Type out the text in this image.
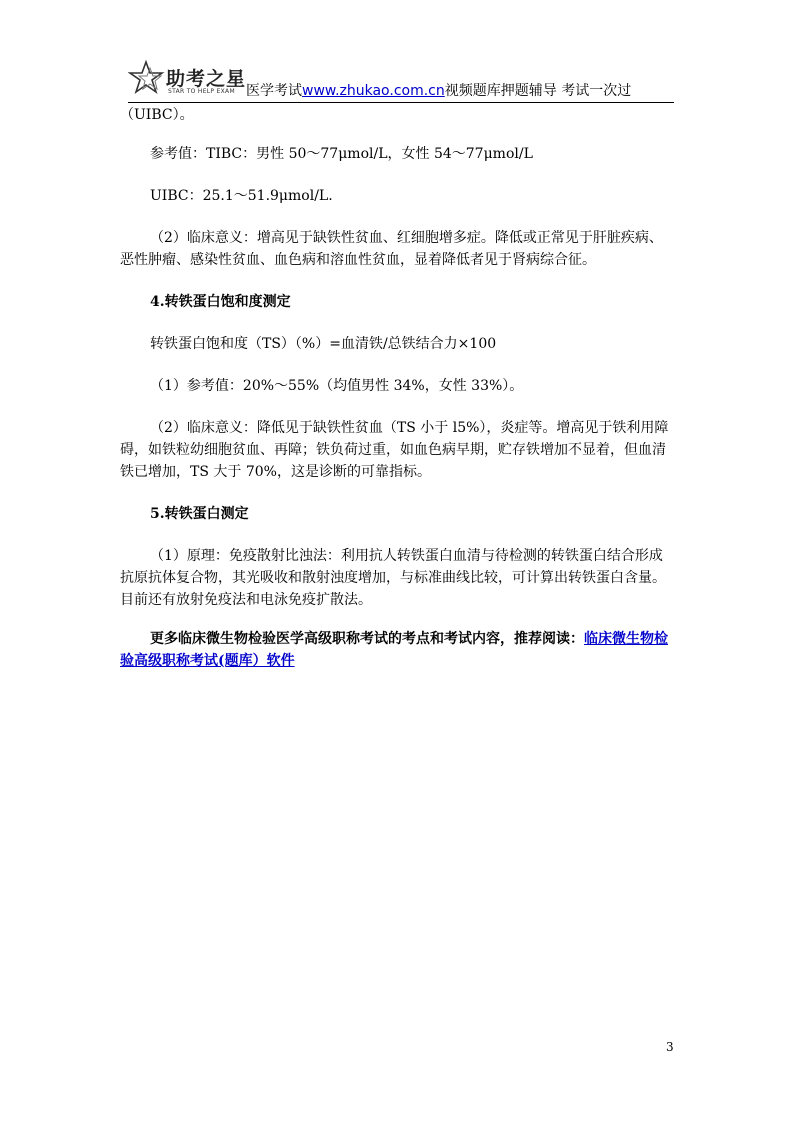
助考之星
STAR TO HELP EXAM 医学考试www.zhukao.com.cn视频题库押题辅导 考试一次过

（UIBC）。

参考值：TIBC：男性 50～77μmol/L，女性 54～77μmol/L

UIBC：25.1～51.9μmol/L.

（2）临床意义：增高见于缺铁性贫血、红细胞增多症。降低或正常见于肝脏疾病、恶性肿瘤、感染性贫血、血色病和溶血性贫血，显着降低者见于肾病综合征。

4.转铁蛋白饱和度测定

转铁蛋白饱和度（TS）（%）=血清铁/总铁结合力×100

（1）参考值：20%～55%（均值男性 34%，女性 33%）。

（2）临床意义：降低见于缺铁性贫血（TS 小于 l5%），炎症等。增高见于铁利用障碍，如铁粒幼细胞贫血、再障；铁负荷过重，如血色病早期，贮存铁增加不显着，但血清铁已增加，TS 大于 70%，这是诊断的可靠指标。

5.转铁蛋白测定

（1）原理：免疫散射比浊法：利用抗人转铁蛋白血清与待检测的转铁蛋白结合形成抗原抗体复合物，其光吸收和散射浊度增加，与标准曲线比较，可计算出转铁蛋白含量。目前还有放射免疫法和电泳免疫扩散法。

更多临床微生物检验医学高级职称考试的考点和考试内容，推荐阅读：临床微生物检验高级职称考试(题库）软件

3
